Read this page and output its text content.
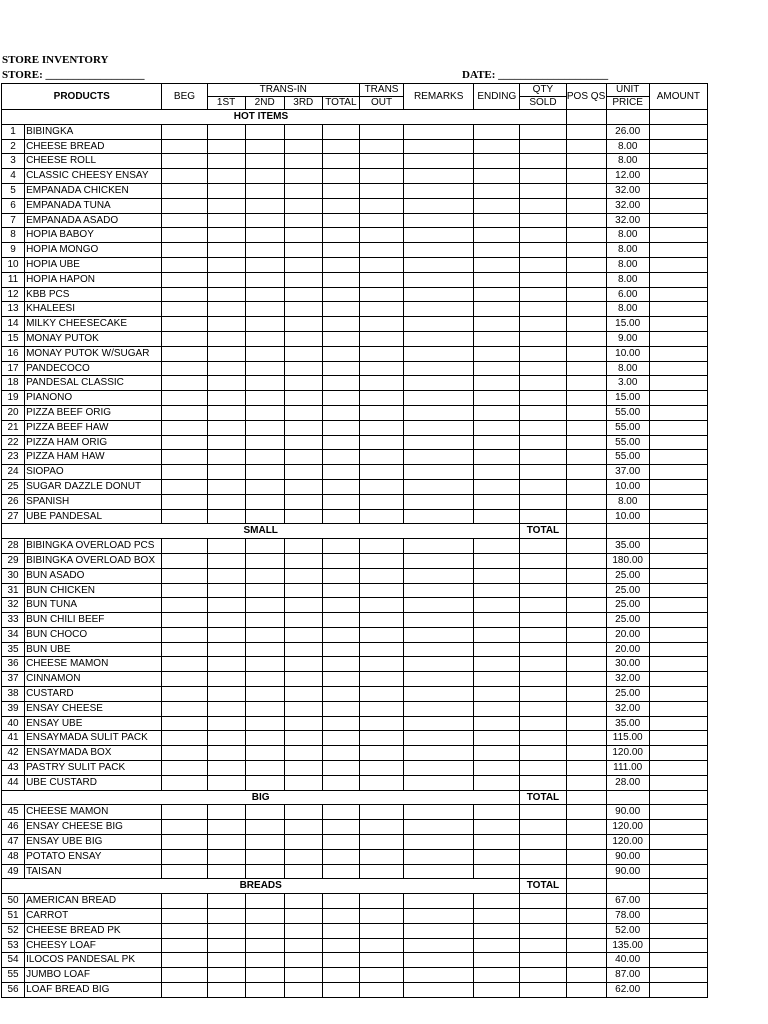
STORE INVENTORY
STORE: __________________	DATE: ____________________
PRODUCTS		BEG	TRANS-IN				TRANS	REMARKS	ENDING	QTY	POS QS	UNIT	AMOUNT
			1ST	2ND	3RD	TOTAL	OUT			SOLD		PRICE	
HOT ITEMS													
1	BIBINGKA											26.00	
2	CHEESE BREAD											8.00	
3	CHEESE ROLL											8.00	
4	CLASSIC CHEESY ENSAY											12.00	
5	EMPANADA CHICKEN											32.00	
6	EMPANADA TUNA											32.00	
7	EMPANADA ASADO											32.00	
8	HOPIA BABOY											8.00	
9	HOPIA MONGO											8.00	
10	HOPIA UBE											8.00	
11	HOPIA HAPON											8.00	
12	KBB PCS											6.00	
13	KHALEESI											8.00	
14	MILKY CHEESECAKE											15.00	
15	MONAY PUTOK											9.00	
16	MONAY PUTOK W/SUGAR											10.00	
17	PANDECOCO											8.00	
18	PANDESAL CLASSIC											3.00	
19	PIANONO											15.00	
20	PIZZA BEEF ORIG											55.00	
21	PIZZA BEEF HAW											55.00	
22	PIZZA HAM ORIG											55.00	
23	PIZZA HAM HAW											55.00	
24	SIOPAO											37.00	
25	SUGAR DAZZLE DONUT											10.00	
26	SPANISH											8.00	
27	UBE PANDESAL											10.00	
SMALL										TOTAL			
28	BIBINGKA OVERLOAD PCS											35.00	
29	BIBINGKA OVERLOAD BOX											180.00	
30	BUN ASADO											25.00	
31	BUN CHICKEN											25.00	
32	BUN TUNA											25.00	
33	BUN CHILI BEEF											25.00	
34	BUN CHOCO											20.00	
35	BUN UBE											20.00	
36	CHEESE MAMON											30.00	
37	CINNAMON											32.00	
38	CUSTARD											25.00	
39	ENSAY CHEESE											32.00	
40	ENSAY UBE											35.00	
41	ENSAYMADA SULIT PACK											115.00	
42	ENSAYMADA BOX											120.00	
43	PASTRY SULIT PACK											111.00	
44	UBE CUSTARD											28.00	
BIG										TOTAL			
45	CHEESE MAMON											90.00	
46	ENSAY CHEESE BIG											120.00	
47	ENSAY UBE BIG											120.00	
48	POTATO ENSAY											90.00	
49	TAISAN											90.00	
BREADS										TOTAL			
50	AMERICAN BREAD											67.00	
51	CARROT											78.00	
52	CHEESE BREAD PK											52.00	
53	CHEESY LOAF											135.00	
54	ILOCOS PANDESAL PK											40.00	
55	JUMBO LOAF											87.00	
56	LOAF BREAD BIG											62.00	
